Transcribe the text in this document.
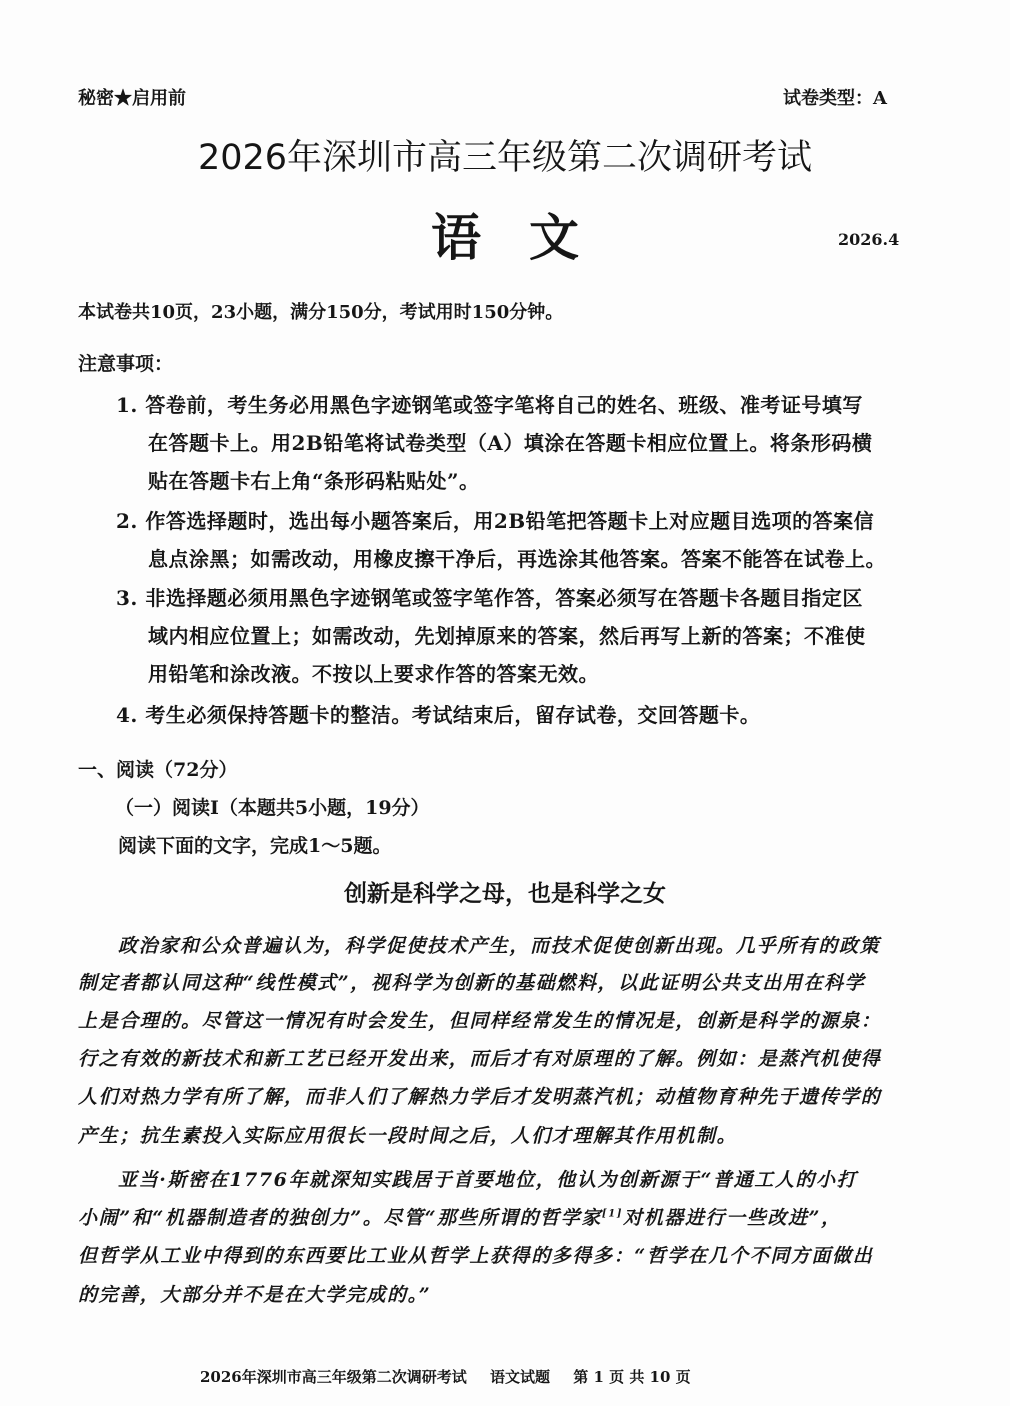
秘密★启用前	试卷类型：A
2026年深圳市高三年级第二次调研考试
语文	2026.4
本试卷共10页，23小题，满分150分，考试用时150分钟。
注意事项：
1. 答卷前，考生务必用黑色字迹钢笔或签字笔将自己的姓名、班级、准考证号填写
在答题卡上。用2B铅笔将试卷类型（A）填涂在答题卡相应位置上。将条形码横
贴在答题卡右上角“条形码粘贴处”。
2. 作答选择题时，选出每小题答案后，用2B铅笔把答题卡上对应题目选项的答案信
息点涂黑；如需改动，用橡皮擦干净后，再选涂其他答案。答案不能答在试卷上。
3. 非选择题必须用黑色字迹钢笔或签字笔作答，答案必须写在答题卡各题目指定区
域内相应位置上；如需改动，先划掉原来的答案，然后再写上新的答案；不准使
用铅笔和涂改液。不按以上要求作答的答案无效。
4. 考生必须保持答题卡的整洁。考试结束后，留存试卷，交回答题卡。
一、阅读（72分）
（一）阅读Ⅰ（本题共5小题，19分）
阅读下面的文字，完成1～5题。
创新是科学之母，也是科学之女
政治家和公众普遍认为，科学促使技术产生，而技术促使创新出现。几乎所有的政策
制定者都认同这种“线性模式”，视科学为创新的基础燃料，以此证明公共支出用在科学
上是合理的。尽管这一情况有时会发生，但同样经常发生的情况是，创新是科学的源泉：
行之有效的新技术和新工艺已经开发出来，而后才有对原理的了解。例如：是蒸汽机使得
人们对热力学有所了解，而非人们了解热力学后才发明蒸汽机；动植物育种先于遗传学的
产生；抗生素投入实际应用很长一段时间之后，人们才理解其作用机制。
亚当·斯密在1776年就深知实践居于首要地位，他认为创新源于“普通工人的小打
小闹”和“机器制造者的独创力”。尽管“那些所谓的哲学家[1]对机器进行一些改进”，
但哲学从工业中得到的东西要比工业从哲学上获得的多得多：“哲学在几个不同方面做出
的完善，大部分并不是在大学完成的。”
2026年深圳市高三年级第二次调研考试 语文试题 第 1 页 共 10 页
